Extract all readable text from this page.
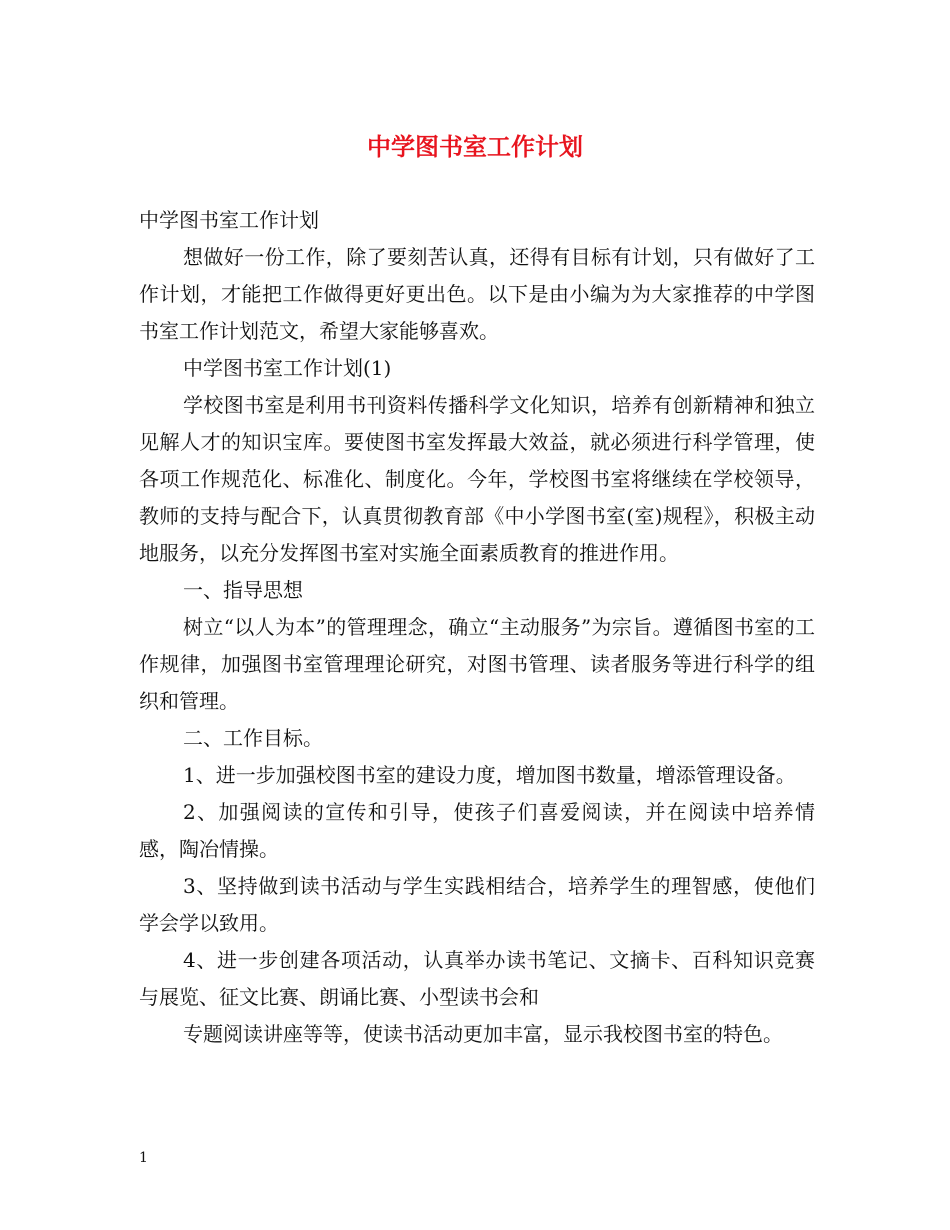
中学图书室工作计划

中学图书室工作计划

想做好一份工作，除了要刻苦认真，还得有目标有计划，只有做好了工作计划，才能把工作做得更好更出色。以下是由小编为为大家推荐的中学图书室工作计划范文，希望大家能够喜欢。

中学图书室工作计划(1)

学校图书室是利用书刊资料传播科学文化知识，培养有创新精神和独立见解人才的知识宝库。要使图书室发挥最大效益，就必须进行科学管理，使各项工作规范化、标准化、制度化。今年，学校图书室将继续在学校领导，教师的支持与配合下，认真贯彻教育部《中小学图书室(室)规程》，积极主动地服务，以充分发挥图书室对实施全面素质教育的推进作用。

一、指导思想

树立“以人为本”的管理理念，确立“主动服务”为宗旨。遵循图书室的工作规律，加强图书室管理理论研究，对图书管理、读者服务等进行科学的组织和管理。

二、工作目标。

1、进一步加强校图书室的建设力度，增加图书数量，增添管理设备。

2、加强阅读的宣传和引导，使孩子们喜爱阅读，并在阅读中培养情感，陶冶情操。

3、坚持做到读书活动与学生实践相结合，培养学生的理智感，使他们学会学以致用。

4、进一步创建各项活动，认真举办读书笔记、文摘卡、百科知识竞赛与展览、征文比赛、朗诵比赛、小型读书会和

专题阅读讲座等等，使读书活动更加丰富，显示我校图书室的特色。

1
